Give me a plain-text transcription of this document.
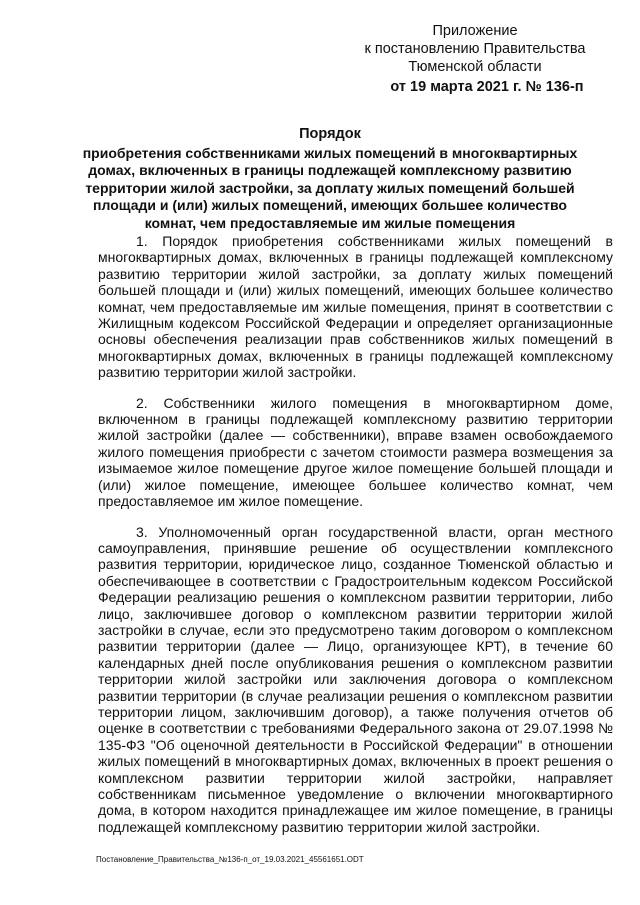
Приложение
к постановлению Правительства
Тюменской области
от 19 марта 2021 г. № 136-п
Порядок
приобретения собственниками жилых помещений в многоквартирных домах, включенных в границы подлежащей комплексному развитию территории жилой застройки, за доплату жилых помещений большей площади и (или) жилых помещений, имеющих большее количество комнат, чем предоставляемые им жилые помещения

1. Порядок приобретения собственниками жилых помещений в многоквартирных домах, включенных в границы подлежащей комплексному развитию территории жилой застройки, за доплату жилых помещений большей площади и (или) жилых помещений, имеющих большее количество комнат, чем предоставляемые им жилые помещения, принят в соответствии с Жилищным кодексом Российской Федерации и определяет организационные основы обеспечения реализации прав собственников жилых помещений в многоквартирных домах, включенных в границы подлежащей комплексному развитию территории жилой застройки.

2. Собственники жилого помещения в многоквартирном доме, включенном в границы подлежащей комплексному развитию территории жилой застройки (далее — собственники), вправе взамен освобождаемого жилого помещения приобрести с зачетом стоимости размера возмещения за изымаемое жилое помещение другое жилое помещение большей площади и (или) жилое помещение, имеющее большее количество комнат, чем предоставляемое им жилое помещение.

3. Уполномоченный орган государственной власти, орган местного самоуправления, принявшие решение об осуществлении комплексного развития территории, юридическое лицо, созданное Тюменской областью и обеспечивающее в соответствии с Градостроительным кодексом Российской Федерации реализацию решения о комплексном развитии территории, либо лицо, заключившее договор о комплексном развитии территории жилой застройки в случае, если это предусмотрено таким договором о комплексном развитии территории (далее — Лицо, организующее КРТ), в течение 60 календарных дней после опубликования решения о комплексном развитии территории жилой застройки или заключения договора о комплексном развитии территории (в случае реализации решения о комплексном развитии территории лицом, заключившим договор), а также получения отчетов об оценке в соответствии с требованиями Федерального закона от 29.07.1998 № 135-ФЗ "Об оценочной деятельности в Российской Федерации" в отношении жилых помещений в многоквартирных домах, включенных в проект решения о комплексном развитии территории жилой застройки, направляет собственникам письменное уведомление о включении многоквартирного дома, в котором находится принадлежащее им жилое помещение, в границы подлежащей комплексному развитию территории жилой застройки.

Постановление_Правительства_№136-п_от_19.03.2021_45561651.ODT
